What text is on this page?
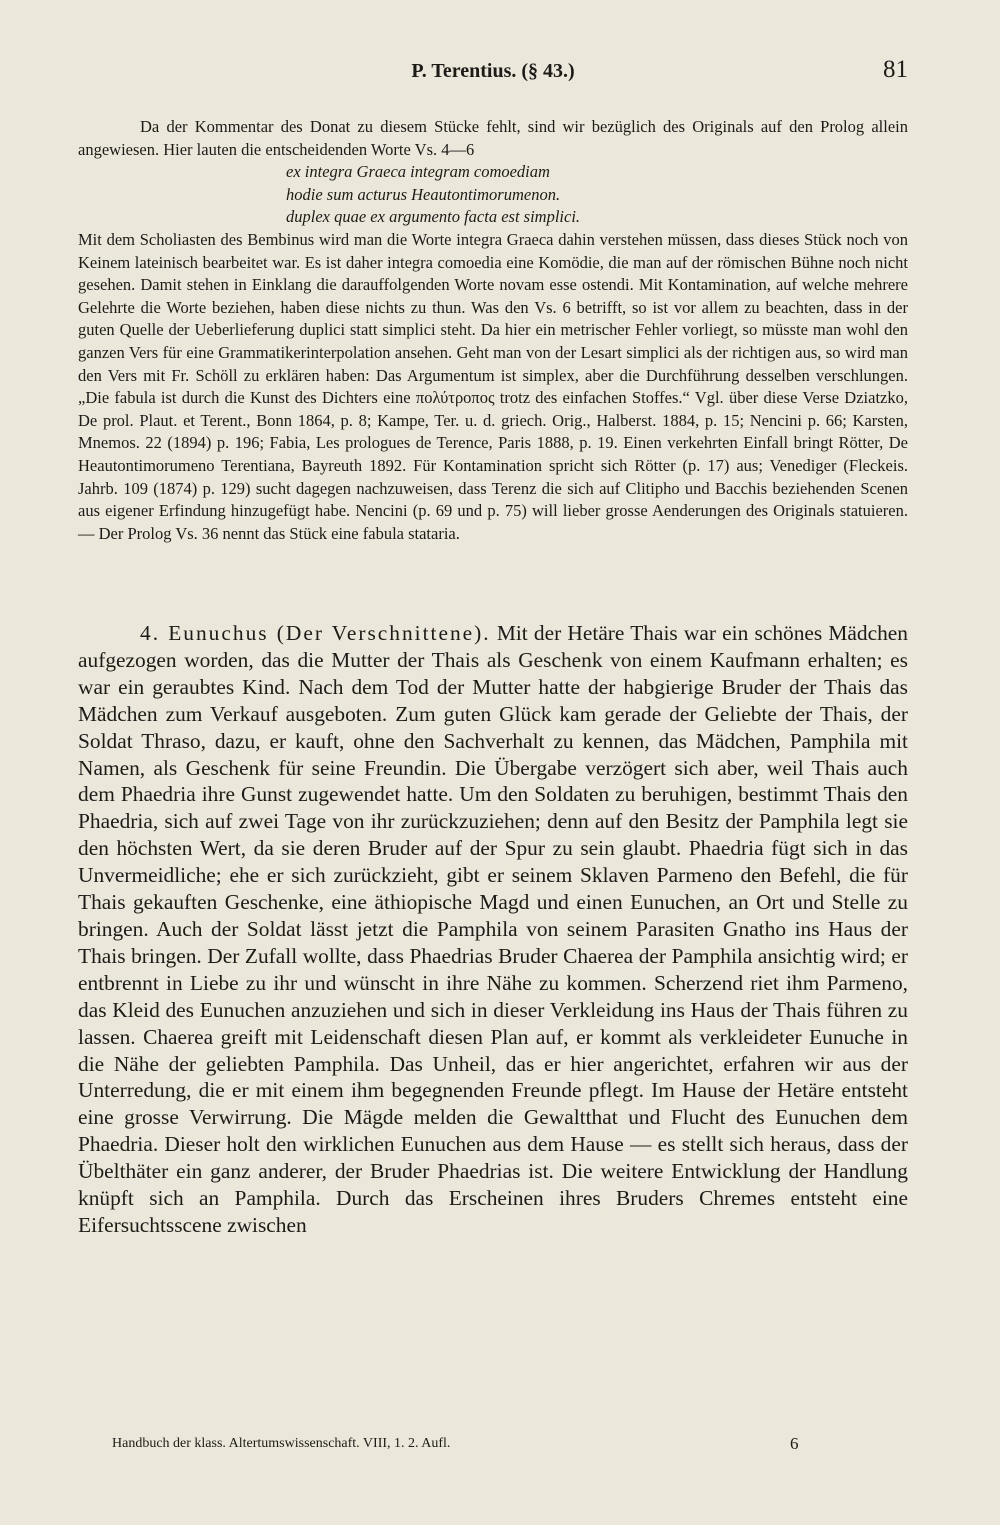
P. Terentius. (§ 43.)	81

Da der Kommentar des Donat zu diesem Stücke fehlt, sind wir bezüglich des Originals auf den Prolog allein angewiesen. Hier lauten die entscheidenden Worte Vs. 4—6

ex integra Graeca integram comoediam
hodie sum acturus Heautontimorumenon.
duplex quae ex argumento facta est simplici.

Mit dem Scholiasten des Bembinus wird man die Worte integra Graeca dahin verstehen müssen, dass dieses Stück noch von Keinem lateinisch bearbeitet war. Es ist daher integra comoedia eine Komödie, die man auf der römischen Bühne noch nicht gesehen. Damit stehen in Einklang die darauffolgenden Worte novam esse ostendi. Mit Kontamination, auf welche mehrere Gelehrte die Worte beziehen, haben diese nichts zu thun. Was den Vs. 6 betrifft, so ist vor allem zu beachten, dass in der guten Quelle der Ueberlieferung duplici statt simplici steht. Da hier ein metrischer Fehler vorliegt, so müsste man wohl den ganzen Vers für eine Grammatikerinterpolation ansehen. Geht man von der Lesart simplici als der richtigen aus, so wird man den Vers mit Fr. Schöll zu erklären haben: Das Argumentum ist simplex, aber die Durchführung desselben verschlungen. „Die fabula ist durch die Kunst des Dichters eine πολύτροπος trotz des einfachen Stoffes.“ Vgl. über diese Verse Dziatzko, De prol. Plaut. et Terent., Bonn 1864, p. 8; Kampe, Ter. u. d. griech. Orig., Halberst. 1884, p. 15; Nencini p. 66; Karsten, Mnemos. 22 (1894) p. 196; Fabia, Les prologues de Terence, Paris 1888, p. 19. Einen verkehrten Einfall bringt Rötter, De Heautontimorumeno Terentiana, Bayreuth 1892. Für Kontamination spricht sich Rötter (p. 17) aus; Venediger (Fleckeis. Jahrb. 109 (1874) p. 129) sucht dagegen nachzuweisen, dass Terenz die sich auf Clitipho und Bacchis beziehenden Scenen aus eigener Erfindung hinzugefügt habe. Nencini (p. 69 und p. 75) will lieber grosse Aenderungen des Originals statuieren. — Der Prolog Vs. 36 nennt das Stück eine fabula stataria.

4. Eunuchus (Der Verschnittene). Mit der Hetäre Thais war ein schönes Mädchen aufgezogen worden, das die Mutter der Thais als Geschenk von einem Kaufmann erhalten; es war ein geraubtes Kind. Nach dem Tod der Mutter hatte der habgierige Bruder der Thais das Mädchen zum Verkauf ausgeboten. Zum guten Glück kam gerade der Geliebte der Thais, der Soldat Thraso, dazu, er kauft, ohne den Sachverhalt zu kennen, das Mädchen, Pamphila mit Namen, als Geschenk für seine Freundin. Die Übergabe verzögert sich aber, weil Thais auch dem Phaedria ihre Gunst zugewendet hatte. Um den Soldaten zu beruhigen, bestimmt Thais den Phaedria, sich auf zwei Tage von ihr zurückzuziehen; denn auf den Besitz der Pamphila legt sie den höchsten Wert, da sie deren Bruder auf der Spur zu sein glaubt. Phaedria fügt sich in das Unvermeidliche; ehe er sich zurückzieht, gibt er seinem Sklaven Parmeno den Befehl, die für Thais gekauften Geschenke, eine äthiopische Magd und einen Eunuchen, an Ort und Stelle zu bringen. Auch der Soldat lässt jetzt die Pamphila von seinem Parasiten Gnatho ins Haus der Thais bringen. Der Zufall wollte, dass Phaedrias Bruder Chaerea der Pamphila ansichtig wird; er entbrennt in Liebe zu ihr und wünscht in ihre Nähe zu kommen. Scherzend riet ihm Parmeno, das Kleid des Eunuchen anzuziehen und sich in dieser Verkleidung ins Haus der Thais führen zu lassen. Chaerea greift mit Leidenschaft diesen Plan auf, er kommt als verkleideter Eunuche in die Nähe der geliebten Pamphila. Das Unheil, das er hier angerichtet, erfahren wir aus der Unterredung, die er mit einem ihm begegnenden Freunde pflegt. Im Hause der Hetäre entsteht eine grosse Verwirrung. Die Mägde melden die Gewaltthat und Flucht des Eunuchen dem Phaedria. Dieser holt den wirklichen Eunuchen aus dem Hause — es stellt sich heraus, dass der Übelthäter ein ganz anderer, der Bruder Phaedrias ist. Die weitere Entwicklung der Handlung knüpft sich an Pamphila. Durch das Erscheinen ihres Bruders Chremes entsteht eine Eifersuchtsscene zwischen

Handbuch der klass. Altertumswissenschaft. VIII, 1. 2. Aufl.	6
